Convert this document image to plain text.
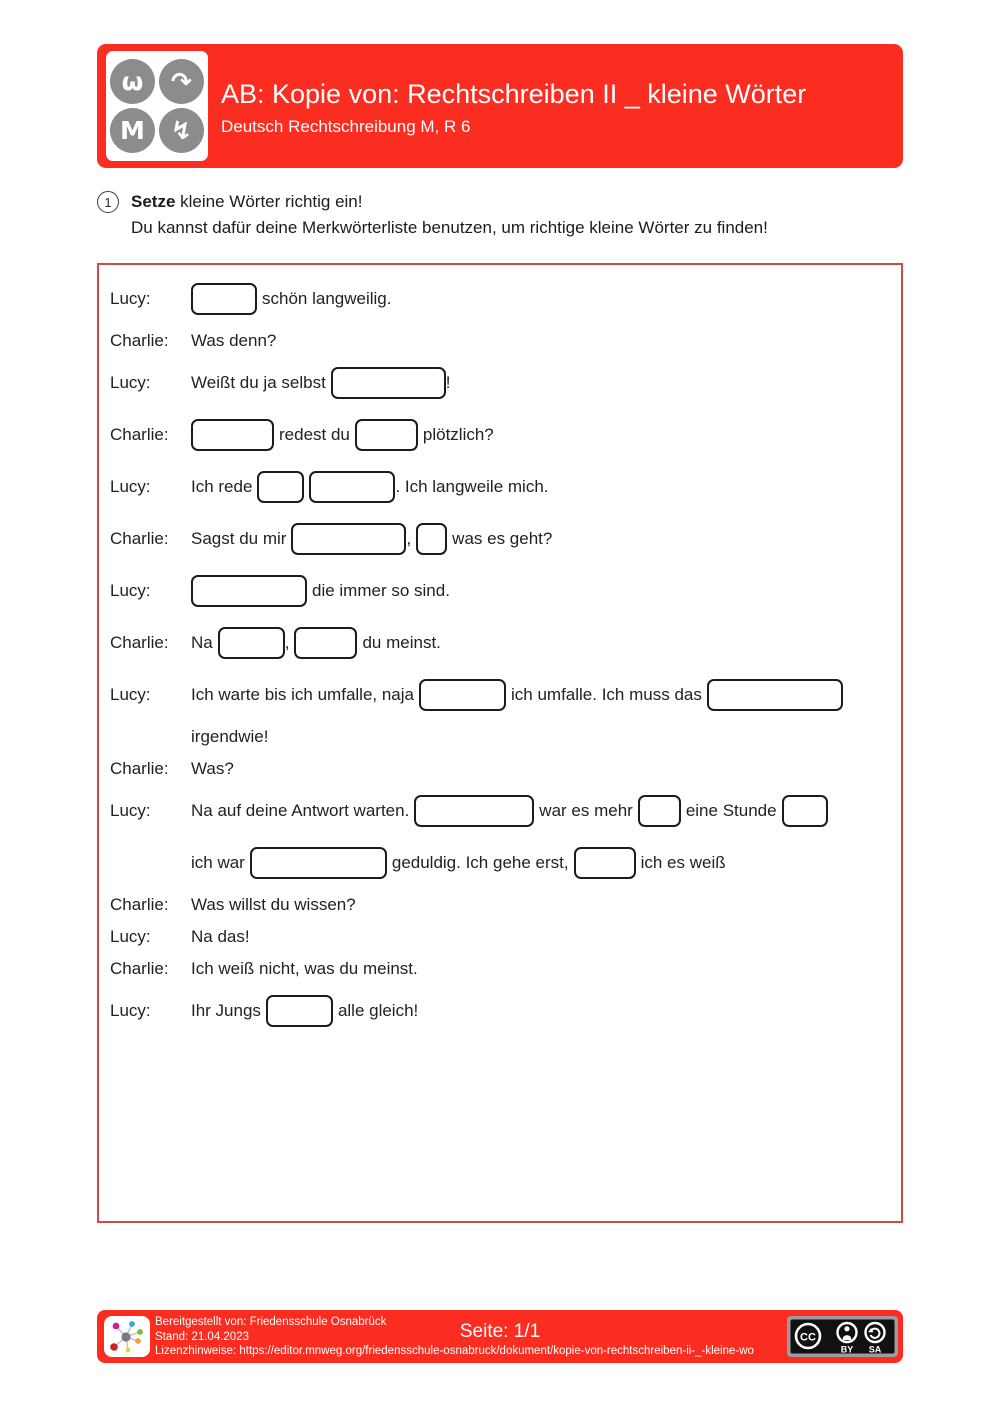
ω	↷
M	↯
AB: Kopie von: Rechtschreiben II _ kleine Wörter
Deutsch Rechtschreibung M, R 6
1	Setze kleine Wörter richtig ein!
Du kannst dafür deine Merkwörterliste benutzen, um richtige kleine Wörter zu finden!
Lucy:	schön langweilig.
Charlie:	Was denn?
Lucy:	Weißt du ja selbst	!
Charlie:	redest du	plötzlich?
Lucy:	Ich rede	. Ich langweile mich.
Charlie:	Sagst du mir	, was es geht?
Lucy:	die immer so sind.
Charlie:	Na	,	du meinst.
Lucy:	Ich warte bis ich umfalle, naja	ich umfalle. Ich muss das
irgendwie!
Charlie:	Was?
Lucy:	Na auf deine Antwort warten.	war es mehr	eine Stunde
ich war	geduldig. Ich gehe erst,	ich es weiß
Charlie:	Was willst du wissen?
Lucy:	Na das!
Charlie:	Ich weiß nicht, was du meinst.
Lucy:	Ihr Jungs	alle gleich!
Bereitgestellt von: Friedensschule Osnabrück
Stand: 21.04.2023
Lizenzhinweise: https://editor.mnweg.org/friedensschule-osnabruck/dokument/kopie-von-rechtschreiben-ii-_-kleine-wo
Seite: 1/1	CC
BY SA
